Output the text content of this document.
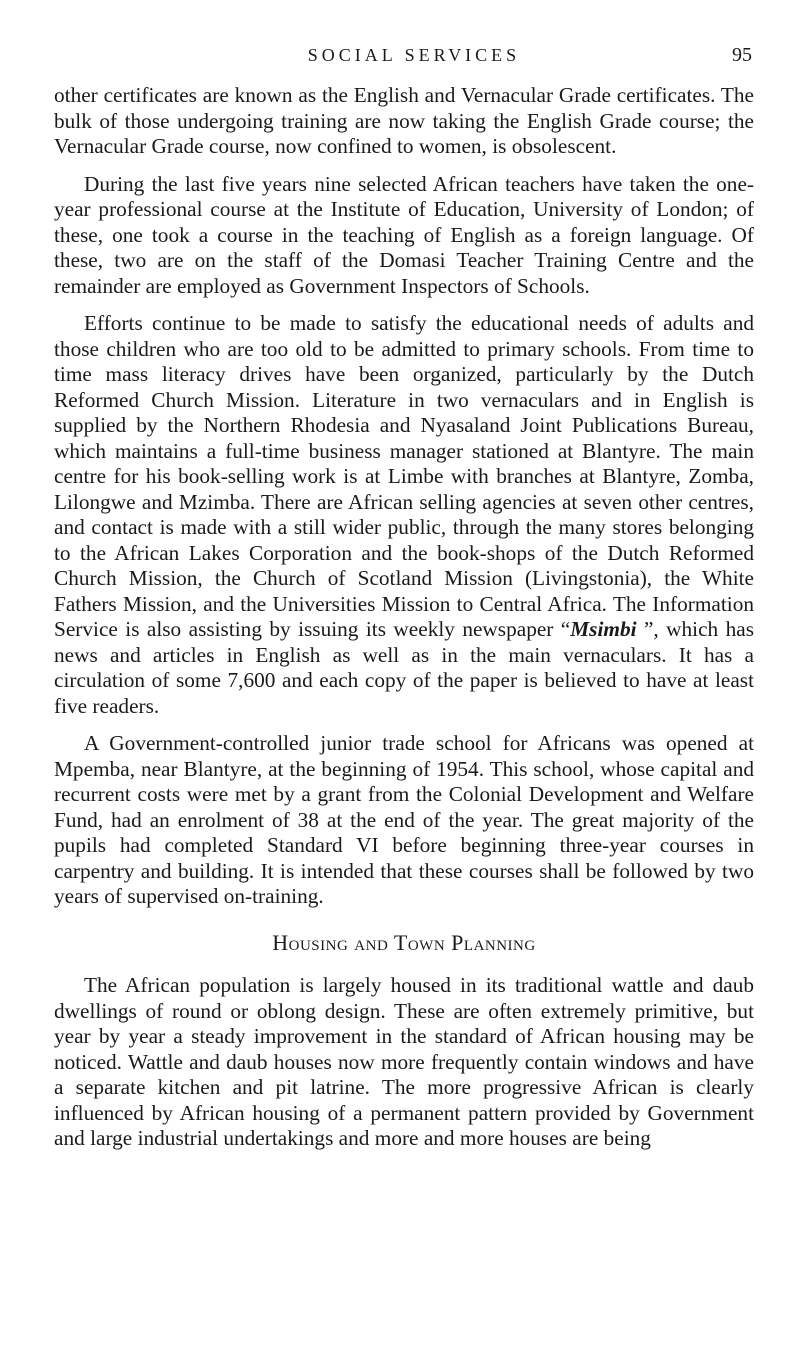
SOCIAL SERVICES	95

other certificates are known as the English and Vernacular Grade certificates. The bulk of those undergoing training are now taking the English Grade course; the Vernacular Grade course, now confined to women, is obsolescent.

During the last five years nine selected African teachers have taken the one-year professional course at the Institute of Education, University of London; of these, one took a course in the teaching of English as a foreign language. Of these, two are on the staff of the Domasi Teacher Training Centre and the remainder are employed as Government Inspectors of Schools.

Efforts continue to be made to satisfy the educational needs of adults and those children who are too old to be admitted to primary schools. From time to time mass literacy drives have been organized, particularly by the Dutch Reformed Church Mission. Literature in two vernaculars and in English is supplied by the Northern Rhodesia and Nyasaland Joint Publications Bureau, which maintains a full-time business manager stationed at Blantyre. The main centre for his book-selling work is at Limbe with branches at Blantyre, Zomba, Lilongwe and Mzimba. There are African selling agencies at seven other centres, and contact is made with a still wider public, through the many stores belonging to the African Lakes Corporation and the book-shops of the Dutch Reformed Church Mission, the Church of Scotland Mission (Livingstonia), the White Fathers Mission, and the Universities Mission to Central Africa. The Information Service is also assisting by issuing its weekly newspaper “Msimbi ”, which has news and articles in English as well as in the main vernaculars. It has a circulation of some 7,600 and each copy of the paper is believed to have at least five readers.

A Government-controlled junior trade school for Africans was opened at Mpemba, near Blantyre, at the beginning of 1954. This school, whose capital and recurrent costs were met by a grant from the Colonial Development and Welfare Fund, had an enrolment of 38 at the end of the year. The great majority of the pupils had completed Standard VI before beginning three-year courses in carpentry and building. It is intended that these courses shall be followed by two years of supervised on-training.

Housing and Town Planning

The African population is largely housed in its traditional wattle and daub dwellings of round or oblong design. These are often extremely primitive, but year by year a steady improvement in the standard of African housing may be noticed. Wattle and daub houses now more frequently contain windows and have a separate kitchen and pit latrine. The more progressive African is clearly influenced by African housing of a permanent pattern provided by Government and large industrial undertakings and more and more houses are being
